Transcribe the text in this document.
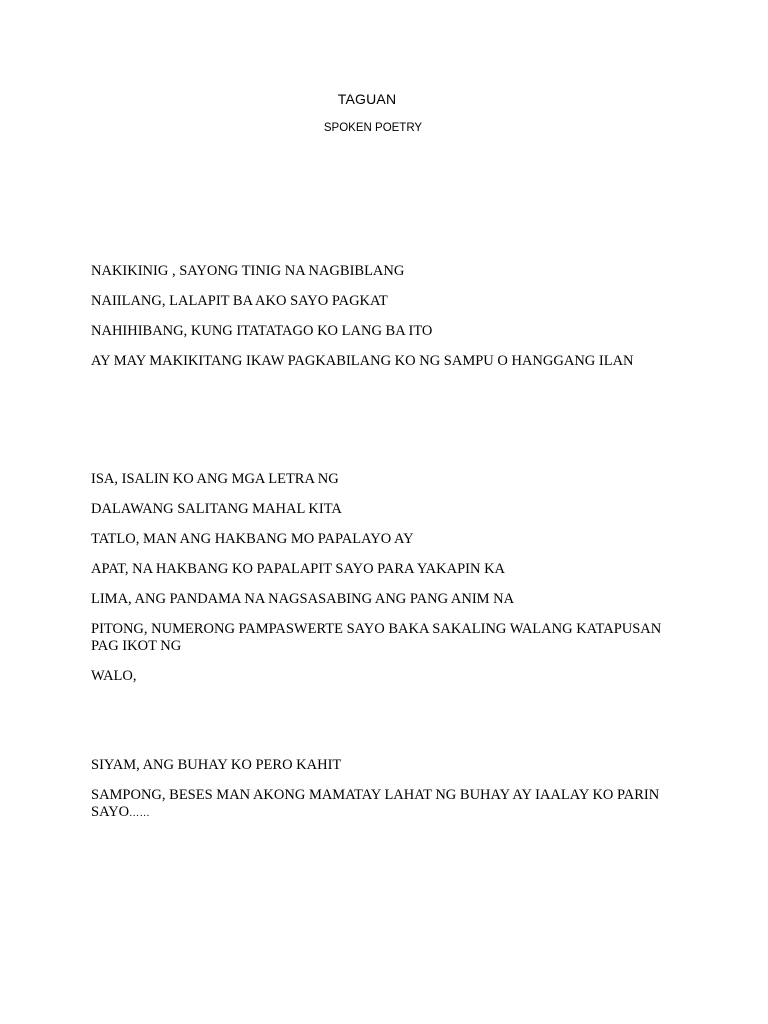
TAGUAN
SPOKEN POETRY

NAKIKINIG , SAYONG TINIG NA NAGBIBLANG

NAIILANG, LALAPIT BA AKO SAYO PAGKAT

NAHIHIBANG, KUNG ITATATAGO KO LANG BA ITO

AY MAY MAKIKITANG IKAW PAGKABILANG KO NG SAMPU O HANGGANG ILAN

ISA, ISALIN KO ANG MGA LETRA NG

DALAWANG SALITANG MAHAL KITA

TATLO, MAN ANG HAKBANG MO PAPALAYO AY

APAT, NA HAKBANG KO PAPALAPIT SAYO PARA YAKAPIN KA

LIMA, ANG PANDAMA NA NAGSASABING ANG PANG ANIM NA

PITONG, NUMERONG PAMPASWERTE SAYO BAKA SAKALING WALANG KATAPUSAN PAG IKOT NG

WALO,

SIYAM, ANG BUHAY KO PERO KAHIT

SAMPONG, BESES MAN AKONG MAMATAY LAHAT NG BUHAY AY IAALAY KO PARIN SAYO……
